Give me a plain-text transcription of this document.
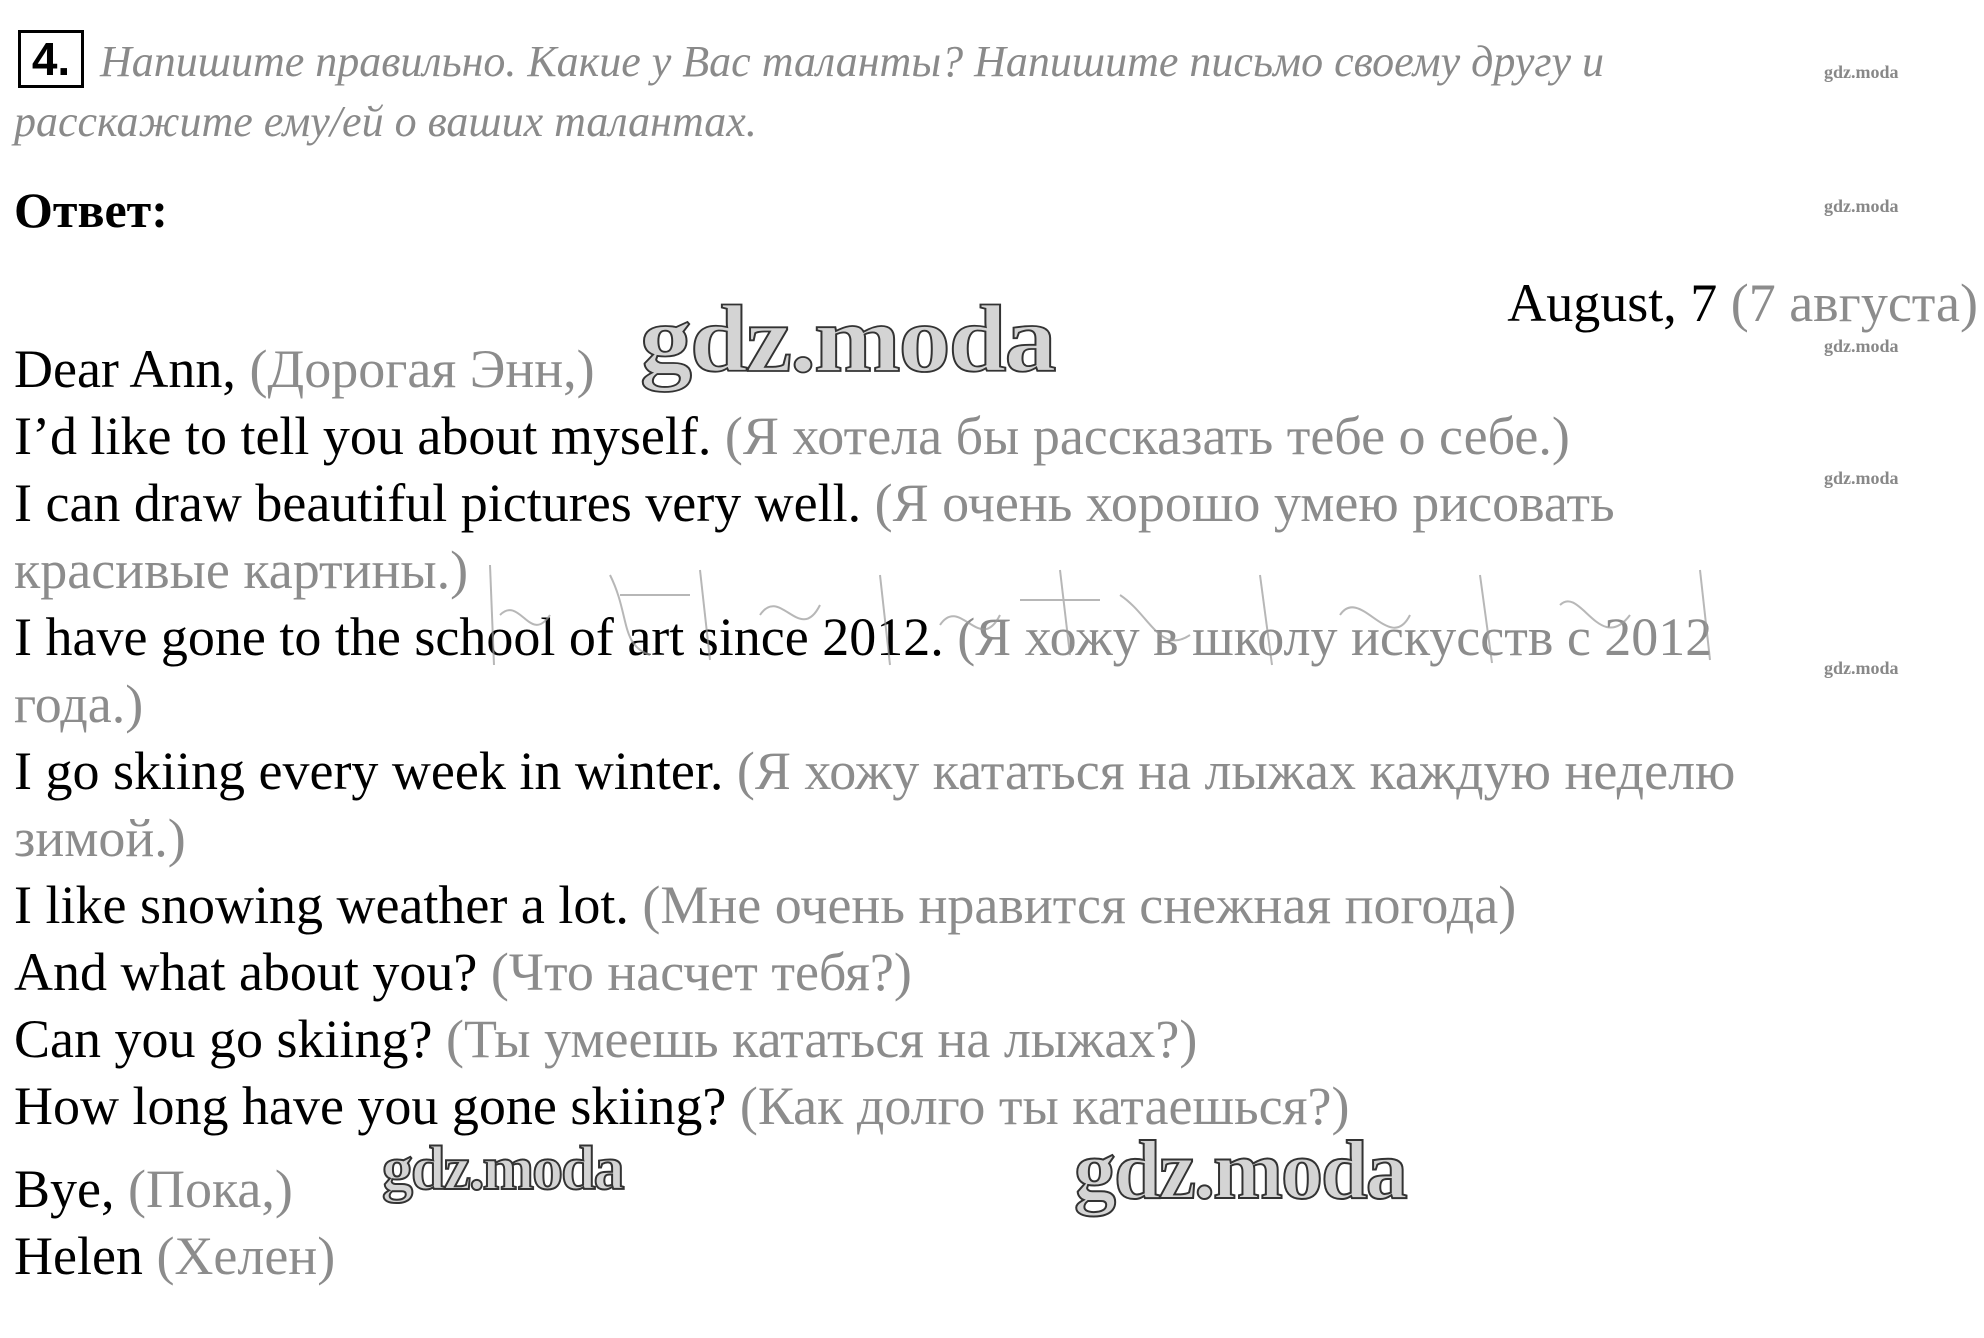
4. Напишите правильно. Какие у Вас таланты? Напишите письмо своему другу и
расскажите ему/ей о ваших талантах.
Ответ:
August, 7 (7 августа)
Dear Ann, (Дорогая Энн,)
I’d like to tell you about myself. (Я хотела бы рассказать тебе о себе.)
I can draw beautiful pictures very well. (Я очень хорошо умею рисовать
красивые картины.)
I have gone to the school of art since 2012. (Я хожу в школу искусств с 2012
года.)
I go skiing every week in winter. (Я хожу кататься на лыжах каждую неделю
зимой.)
I like snowing weather a lot. (Мне очень нравится снежная погода)
And what about you? (Что насчет тебя?)
Can you go skiing? (Ты умеешь кататься на лыжах?)
How long have you gone skiing? (Как долго ты катаешься?)
Bye, (Пока,)
Helen (Хелен)
gdz.moda
gdz.moda
gdz.moda
gdz.moda
gdz.moda
gdz.moda
gdz.moda	gdz.moda
